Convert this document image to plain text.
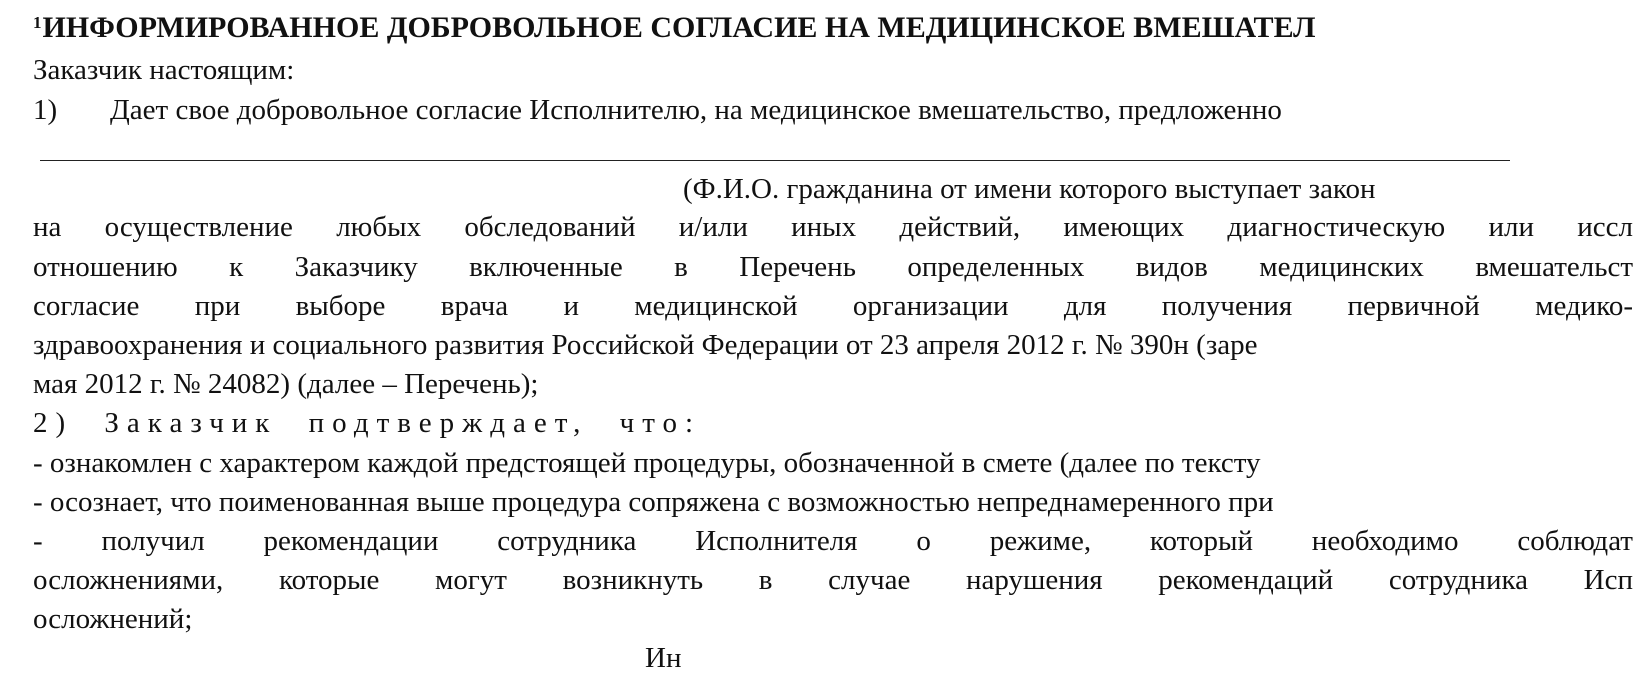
$^1$ИНФОРМИРОВАННОЕ ДОБРОВОЛЬНОЕ СОГЛАСИЕ НА МЕДИЦИНСКОЕ ВМЕШАТЕЛ
Заказчик настоящим:
1) Дает свое добровольное согласие Исполнителю, на медицинское вмешательство, предложенно
(Ф.И.О. гражданина от имени которого выступает закон
на осуществление любых обследований и/или иных действий, имеющих диагностическую или иссл
отношению к Заказчику включенные в Перечень определенных видов медицинских вмешательст
согласие при выборе врача и медицинской организации для получения первичной медико-
здравоохранения и социального развития Российской Федерации от 23 апреля 2012 г. № 390н (заре
мая 2012 г. № 24082) (далее – Перечень);
2) Заказчик подтверждает, что:
- ознакомлен с характером каждой предстоящей процедуры, обозначенной в смете (далее по тексту
- осознает, что поименованная выше процедура сопряжена с возможностью непреднамеренного при
- получил рекомендации сотрудника Исполнителя о режиме, который необходимо соблюдат
осложнениями, которые могут возникнуть в случае нарушения рекомендаций сотрудника Исп
осложнений;
Ин
